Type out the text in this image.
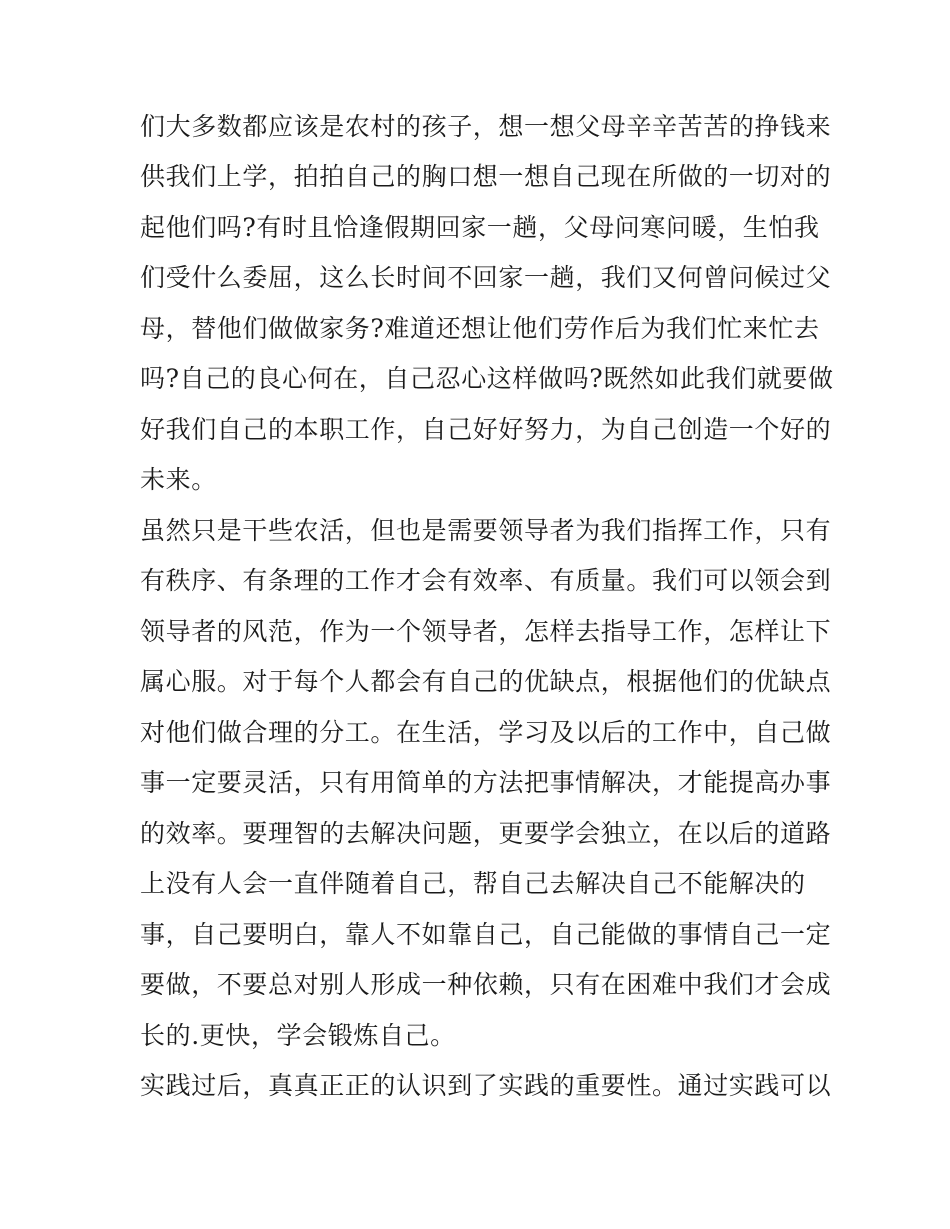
们大多数都应该是农村的孩子，想一想父母辛辛苦苦的挣钱来
供我们上学，拍拍自己的胸口想一想自己现在所做的一切对的
起他们吗?有时且恰逢假期回家一趟，父母问寒问暖，生怕我
们受什么委屈，这么长时间不回家一趟，我们又何曾问候过父
母，替他们做做家务?难道还想让他们劳作后为我们忙来忙去
吗?自己的良心何在，自己忍心这样做吗?既然如此我们就要做
好我们自己的本职工作，自己好好努力，为自己创造一个好的
未来。
虽然只是干些农活，但也是需要领导者为我们指挥工作，只有
有秩序、有条理的工作才会有效率、有质量。我们可以领会到
领导者的风范，作为一个领导者，怎样去指导工作，怎样让下
属心服。对于每个人都会有自己的优缺点，根据他们的优缺点
对他们做合理的分工。在生活，学习及以后的工作中，自己做
事一定要灵活，只有用简单的方法把事情解决，才能提高办事
的效率。要理智的去解决问题，更要学会独立，在以后的道路
上没有人会一直伴随着自己，帮自己去解决自己不能解决的
事，自己要明白，靠人不如靠自己，自己能做的事情自己一定
要做，不要总对别人形成一种依赖，只有在困难中我们才会成
长的.更快，学会锻炼自己。
实践过后，真真正正的认识到了实践的重要性。通过实践可以
